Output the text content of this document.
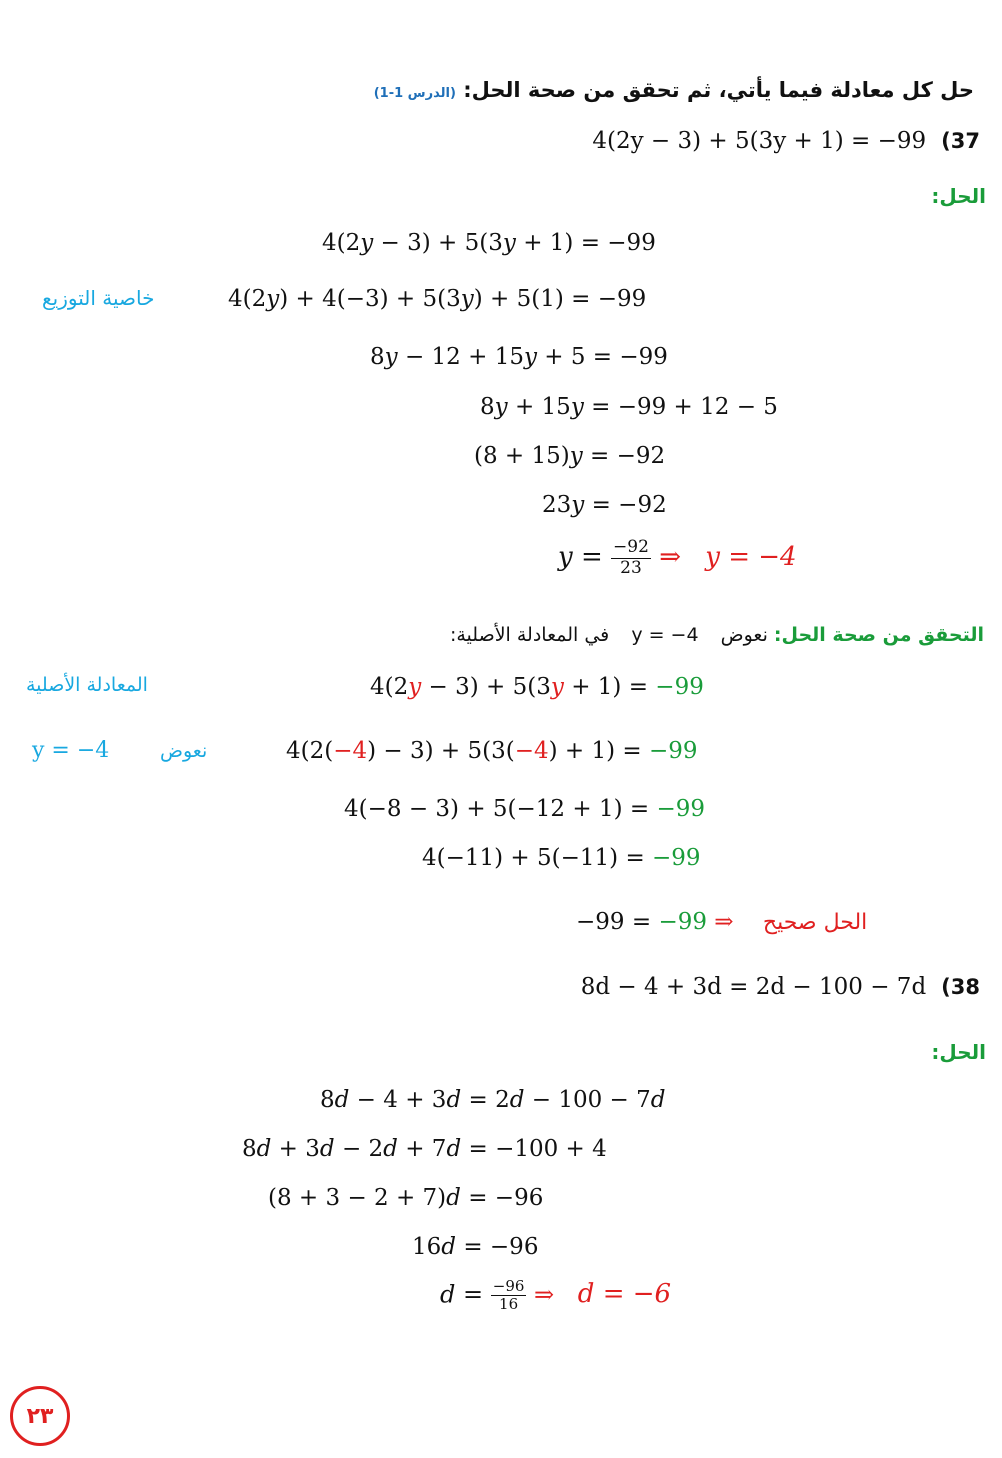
حل كل معادلة فيما يأتي، ثم تحقق من صحة الحل: (الدرس 1-1)
4(2y − 3) + 5(3y + 1) = −99 (37
الحل:
4(2y − 3) + 5(3y + 1) = −99
خاصية التوزيع	4(2y) + 4(−3) + 5(3y) + 5(1) = −99
8y − 12 + 15y + 5 = −99
8y + 15y = −99 + 12 − 5
(8 + 15)y = −92
23y = −92
$y = \frac{-92}{23}$ ⇒ y = −4
التحقق من صحة الحل: نعوض y = −4 في المعادلة الأصلية:
المعادلة الأصلية	4(2y − 3) + 5(3y + 1) = −99
y = −4	نعوض	4(2(−4) − 3) + 5(3(−4) + 1) = −99
4(−8 − 3) + 5(−12 + 1) = −99
4(−11) + 5(−11) = −99
−99 = −99 ⇒ الحل صحيح
8d − 4 + 3d = 2d − 100 − 7d (38
الحل:
8d − 4 + 3d = 2d − 100 − 7d
8d + 3d − 2d + 7d = −100 + 4
(8 + 3 − 2 + 7)d = −96
16d = −96
$d = \frac{-96}{16}$ ⇒ d = −6
٢٣
